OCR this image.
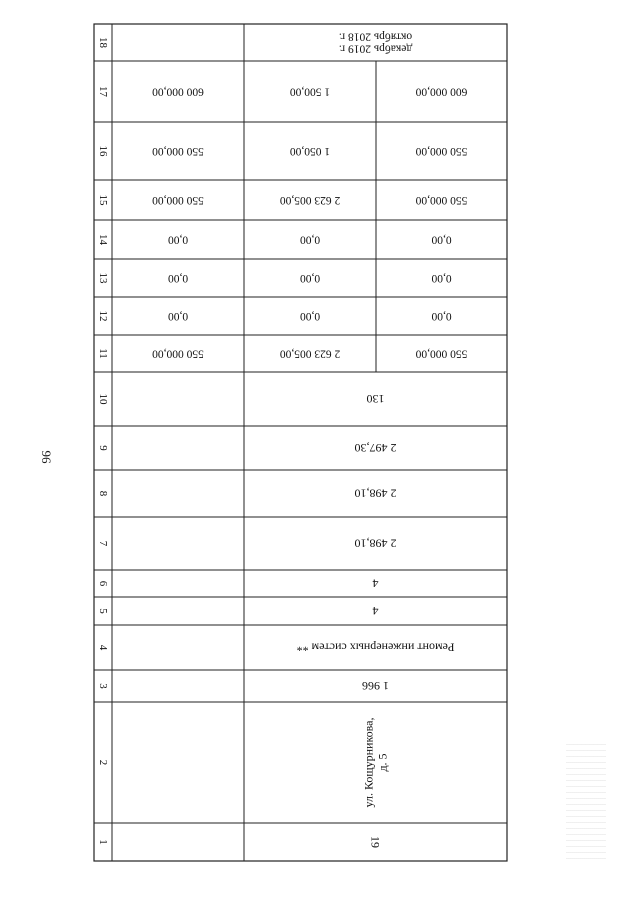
96
1	19
2	ул. Кощурникова, д. 5
3	1 966
4	Ремонт инженерных систем **
5	4
6	4
7	2 498,10
8	2 498,10
9	2 497,30
10	130
11	550 000,00	2 623 005,00	550 000,00
12	0,00	0,00	0,00
13	0,00	0,00	0,00
14	0,00	0,00	0,00
15	550 000,00	2 623 005,00	550 000,00
16	550 000,00	1 050,00	550 000,00
17	600 000,00	1 500,00	600 000,00
18	октябрь 2018 г.
декабрь 2019 г.
